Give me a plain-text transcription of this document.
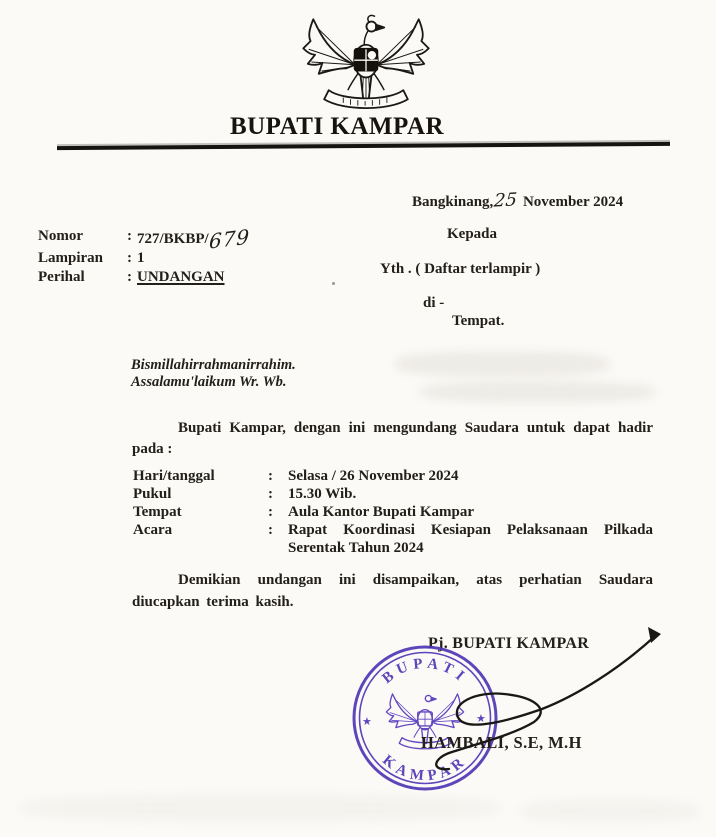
BUPATI KAMPAR
Bangkinang,25 November 2024
Nomor	: 727/BKBP/679
Lampiran	: 1
Perihal	: UNDANGAN
Kepada
Yth . ( Daftar terlampir )
di -
Tempat.
Bismillahirrahmanirrahim.
Assalamu'laikum Wr. Wb.
Bupati Kampar, dengan ini mengundang Saudara untuk dapat hadir
pada :
Hari/tanggal	:	Selasa / 26 November 2024
Pukul	:	15.30 Wib.
Tempat	:	Aula Kantor Bupati Kampar
Acara	:	Rapat Koordinasi Kesiapan Pelaksanaan Pilkada Serentak Tahun 2024
Demikian undangan ini disampaikan, atas perhatian Saudara diucapkan terima kasih.
Pj. BUPATI KAMPAR
BUPATI
KAMPAR
★	★
HAMBALI, S.E, M.H
